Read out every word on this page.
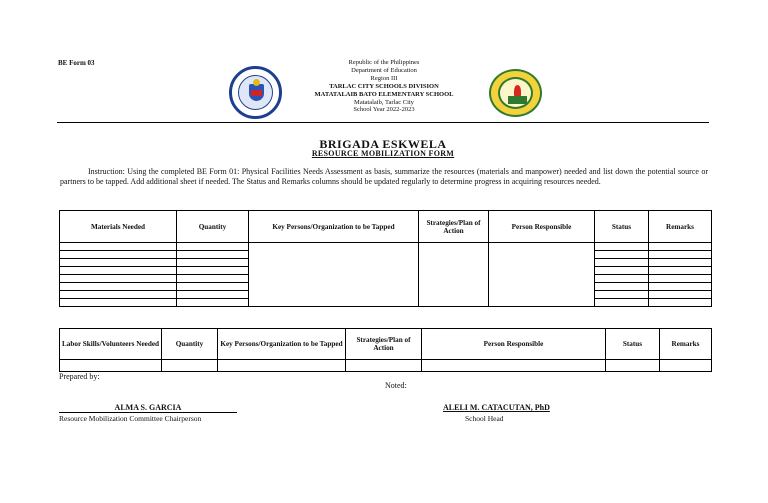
BE Form 03	Republic of the Philippines
Department of Education
Region III
TARLAC CITY SCHOOLS DIVISION
MATATALAIB BATO ELEMENTARY SCHOOL
Matatalaib, Tarlac City
School Year 2022-2023
BRIGADA ESKWELA
RESOURCE MOBILIZATION FORM
Instruction: Using the completed BE Form 01: Physical Facilities Needs Assessment as basis, summarize the resources (materials and manpower) needed and list down the potential source or partners to be tapped. Add additional sheet if needed. The Status and Remarks columns should be updated regularly to determine progress in acquiring resources needed.
Materials Needed	Quantity	Key Persons/Organization to be Tapped	Strategies/Plan of Action	Person Responsible	Status	Remarks

Labor Skills/Volunteers Needed	Quantity	Key Persons/Organization to be Tapped	Strategies/Plan of Action	Person Responsible	Status	Remarks

Prepared by:
Noted:
ALMA S. GARCIA
Resource Mobilization Committee Chairperson
ALELI M. CATACUTAN, PhD
School Head
